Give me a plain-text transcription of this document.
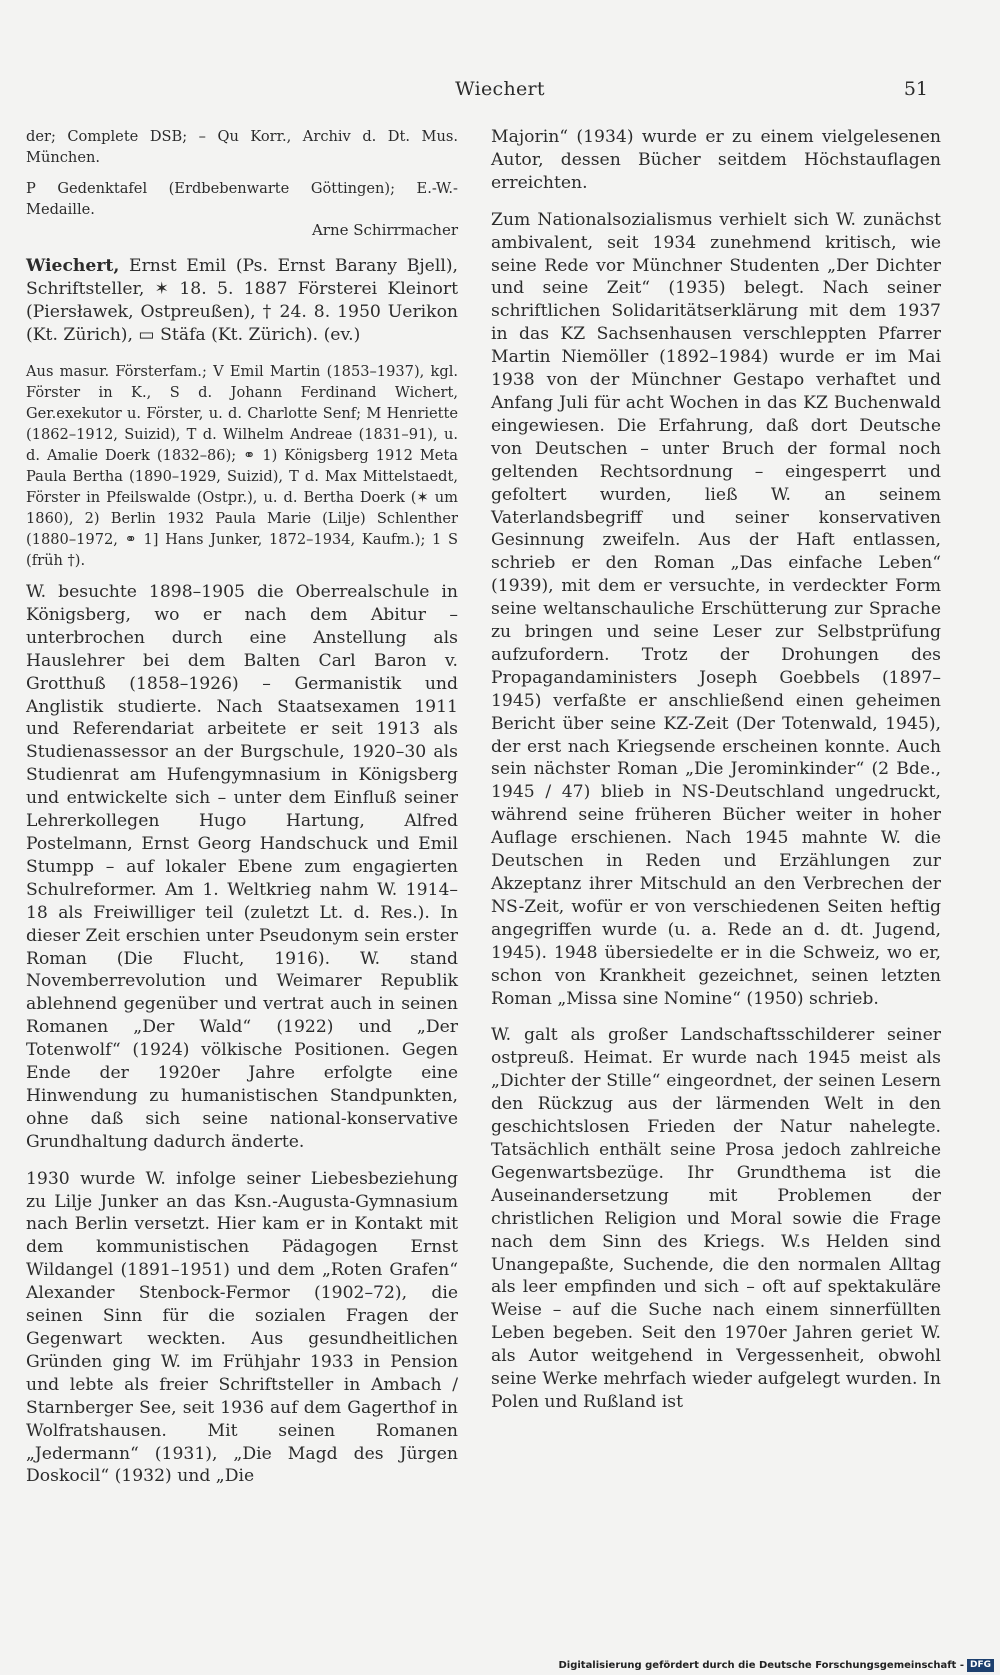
Wiechert	51

der; Complete DSB; – Qu Korr., Archiv d. Dt. Mus. München.

P Gedenktafel (Erdbebenwarte Göttingen); E.-W.-Medaille.

Arne Schirrmacher

Wiechert, Ernst Emil (Ps. Ernst Barany Bjell), Schriftsteller, ✶ 18. 5. 1887 Försterei Kleinort (Piersławek, Ostpreußen), † 24. 8. 1950 Uerikon (Kt. Zürich), ▭ Stäfa (Kt. Zürich). (ev.)

Aus masur. Försterfam.; V Emil Martin (1853–1937), kgl. Förster in K., S d. Johann Ferdinand Wichert, Ger.exekutor u. Förster, u. d. Charlotte Senf; M Henriette (1862–1912, Suizid), T d. Wilhelm Andreae (1831–91), u. d. Amalie Doerk (1832–86); ⚭ 1) Königsberg 1912 Meta Paula Bertha (1890–1929, Suizid), T d. Max Mittelstaedt, Förster in Pfeilswalde (Ostpr.), u. d. Bertha Doerk (✶ um 1860), 2) Berlin 1932 Paula Marie (Lilje) Schlenther (1880–1972, ⚭ 1] Hans Junker, 1872–1934, Kaufm.); 1 S (früh †).

W. besuchte 1898–1905 die Oberrealschule in Königsberg, wo er nach dem Abitur – unterbrochen durch eine Anstellung als Hauslehrer bei dem Balten Carl Baron v. Grotthuß (1858–1926) – Germanistik und Anglistik studierte. Nach Staatsexamen 1911 und Referendariat arbeitete er seit 1913 als Studienassessor an der Burgschule, 1920–30 als Studienrat am Hufengymnasium in Königsberg und entwickelte sich – unter dem Einfluß seiner Lehrerkollegen Hugo Hartung, Alfred Postelmann, Ernst Georg Handschuck und Emil Stumpp – auf lokaler Ebene zum engagierten Schulreformer. Am 1. Weltkrieg nahm W. 1914–18 als Freiwilliger teil (zuletzt Lt. d. Res.). In dieser Zeit erschien unter Pseudonym sein erster Roman (Die Flucht, 1916). W. stand Novemberrevolution und Weimarer Republik ablehnend gegenüber und vertrat auch in seinen Romanen „Der Wald“ (1922) und „Der Totenwolf“ (1924) völkische Positionen. Gegen Ende der 1920er Jahre erfolgte eine Hinwendung zu humanistischen Standpunkten, ohne daß sich seine national-konservative Grundhaltung dadurch änderte.

1930 wurde W. infolge seiner Liebesbeziehung zu Lilje Junker an das Ksn.-Augusta-Gymnasium nach Berlin versetzt. Hier kam er in Kontakt mit dem kommunistischen Pädagogen Ernst Wildangel (1891–1951) und dem „Roten Grafen“ Alexander Stenbock-Fermor (1902–72), die seinen Sinn für die sozialen Fragen der Gegenwart weckten. Aus gesundheitlichen Gründen ging W. im Frühjahr 1933 in Pension und lebte als freier Schriftsteller in Ambach / Starnberger See, seit 1936 auf dem Gagerthof in Wolfratshausen. Mit seinen Romanen „Jedermann“ (1931), „Die Magd des Jürgen Doskocil“ (1932) und „Die

Majorin“ (1934) wurde er zu einem vielgelesenen Autor, dessen Bücher seitdem Höchstauflagen erreichten.

Zum Nationalsozialismus verhielt sich W. zunächst ambivalent, seit 1934 zunehmend kritisch, wie seine Rede vor Münchner Studenten „Der Dichter und seine Zeit“ (1935) belegt. Nach seiner schriftlichen Solidaritätserklärung mit dem 1937 in das KZ Sachsenhausen verschleppten Pfarrer Martin Niemöller (1892–1984) wurde er im Mai 1938 von der Münchner Gestapo verhaftet und Anfang Juli für acht Wochen in das KZ Buchenwald eingewiesen. Die Erfahrung, daß dort Deutsche von Deutschen – unter Bruch der formal noch geltenden Rechtsordnung – eingesperrt und gefoltert wurden, ließ W. an seinem Vaterlandsbegriff und seiner konservativen Gesinnung zweifeln. Aus der Haft entlassen, schrieb er den Roman „Das einfache Leben“ (1939), mit dem er versuchte, in verdeckter Form seine weltanschauliche Erschütterung zur Sprache zu bringen und seine Leser zur Selbstprüfung aufzufordern. Trotz der Drohungen des Propagandaministers Joseph Goebbels (1897–1945) verfaßte er anschließend einen geheimen Bericht über seine KZ-Zeit (Der Totenwald, 1945), der erst nach Kriegsende erscheinen konnte. Auch sein nächster Roman „Die Jerominkinder“ (2 Bde., 1945 / 47) blieb in NS-Deutschland ungedruckt, während seine früheren Bücher weiter in hoher Auflage erschienen. Nach 1945 mahnte W. die Deutschen in Reden und Erzählungen zur Akzeptanz ihrer Mitschuld an den Verbrechen der NS-Zeit, wofür er von verschiedenen Seiten heftig angegriffen wurde (u. a. Rede an d. dt. Jugend, 1945). 1948 übersiedelte er in die Schweiz, wo er, schon von Krankheit gezeichnet, seinen letzten Roman „Missa sine Nomine“ (1950) schrieb.

W. galt als großer Landschaftsschilderer seiner ostpreuß. Heimat. Er wurde nach 1945 meist als „Dichter der Stille“ eingeordnet, der seinen Lesern den Rückzug aus der lärmenden Welt in den geschichtslosen Frieden der Natur nahelegte. Tatsächlich enthält seine Prosa jedoch zahlreiche Gegenwartsbezüge. Ihr Grundthema ist die Auseinandersetzung mit Problemen der christlichen Religion und Moral sowie die Frage nach dem Sinn des Kriegs. W.s Helden sind Unangepaßte, Suchende, die den normalen Alltag als leer empfinden und sich – oft auf spektakuläre Weise – auf die Suche nach einem sinnerfüllten Leben begeben. Seit den 1970er Jahren geriet W. als Autor weitgehend in Vergessenheit, obwohl seine Werke mehrfach wieder aufgelegt wurden. In Polen und Rußland ist

Digitalisierung gefördert durch die Deutsche Forschungsgemeinschaft - DFG
